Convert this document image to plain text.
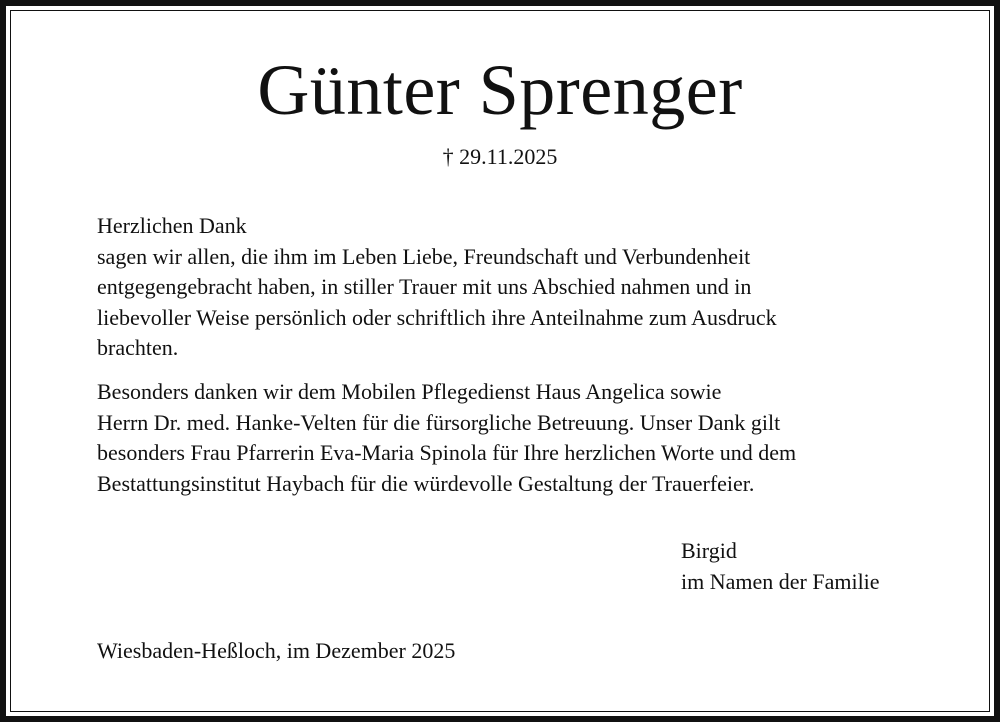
Günter Sprenger
† 29.11.2025
Herzlichen Dank
sagen wir allen, die ihm im Leben Liebe, Freundschaft und Verbundenheit
entgegengebracht haben, in stiller Trauer mit uns Abschied nahmen und in
liebevoller Weise persönlich oder schriftlich ihre Anteilnahme zum Ausdruck
brachten.
Besonders danken wir dem Mobilen Pflegedienst Haus Angelica sowie
Herrn Dr. med. Hanke-Velten für die fürsorgliche Betreuung. Unser Dank gilt
besonders Frau Pfarrerin Eva-Maria Spinola für Ihre herzlichen Worte und dem
Bestattungsinstitut Haybach für die würdevolle Gestaltung der Trauerfeier.
Birgid
im Namen der Familie
Wiesbaden-Heßloch, im Dezember 2025
